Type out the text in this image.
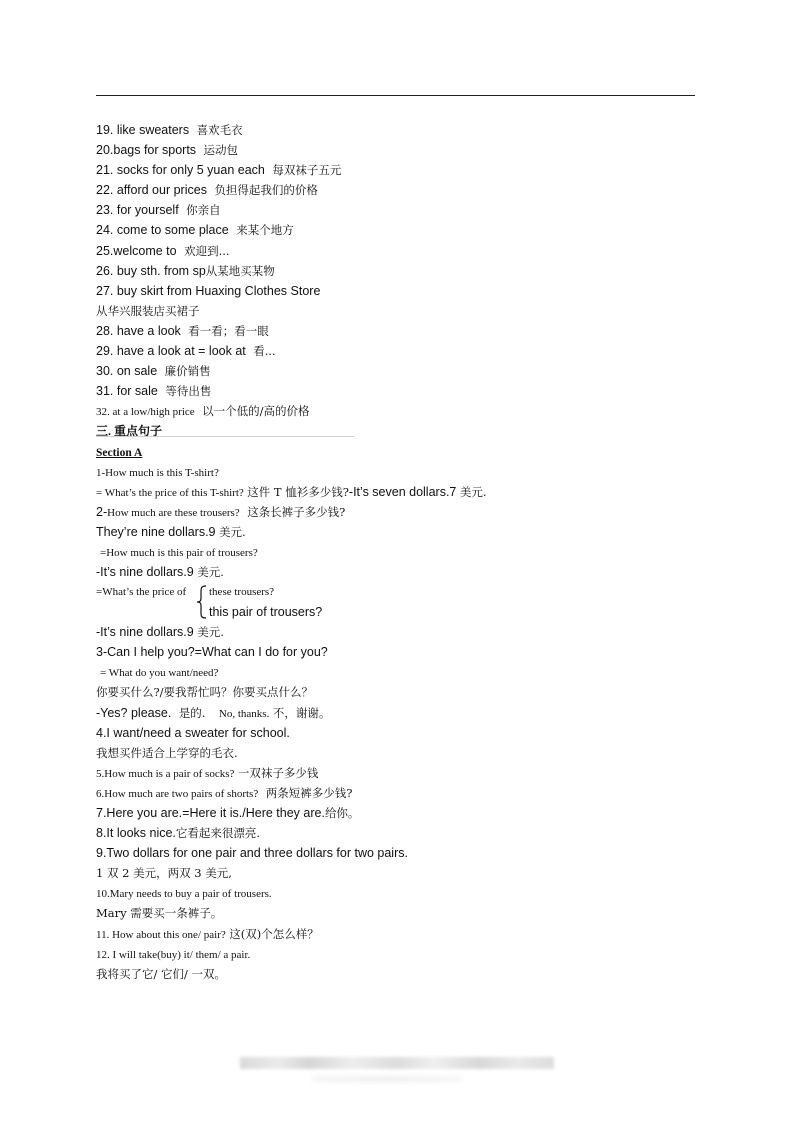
19. like sweaters 喜欢毛衣
20.bags for sports 运动包
21. socks for only 5 yuan each 每双袜子五元
22. afford our prices 负担得起我们的价格
23. for yourself 你亲自
24. come to some place 来某个地方
25.welcome to 欢迎到...
26. buy sth. from sp从某地买某物
27. buy skirt from Huaxing Clothes Store
从华兴服装店买裙子
28. have a look 看一看；看一眼
29. have a look at = look at 看...
30. on sale 廉价销售
31. for sale 等待出售
32. at a low/high price 以一个低的/高的价格
三. 重点句子
Section A
1-How much is this T-shirt?
= What’s the price of this T-shirt? 这件 T 恤衫多少钱?-It’s seven dollars.7 美元.
2-How much are these trousers? 这条长裤子多少钱?
They’re nine dollars.9 美元.
=How much is this pair of trousers?
-It’s nine dollars.9 美元.
=What’s the price of these trousers?
this pair of trousers?
-It’s nine dollars.9 美元.
3-Can I help you?=What can I do for you?
= What do you want/need?
你要买什么?/要我帮忙吗？你要买点什么？
-Yes? please. 是的. No, thanks. 不，谢谢。
4.I want/need a sweater for school.
我想买件适合上学穿的毛衣.
5.How much is a pair of socks? 一双袜子多少钱
6.How much are two pairs of shorts? 两条短裤多少钱?
7.Here you are.=Here it is./Here they are.给你。
8.It looks nice.它看起来很漂亮.
9.Two dollars for one pair and three dollars for two pairs.
1 双 2 美元，两双 3 美元,
10.Mary needs to buy a pair of trousers.
Mary 需要买一条裤子。
11. How about this one/ pair? 这(双)个怎么样？
12. I will take(buy) it/ them/ a pair.
我将买了它/ 它们/ 一双。
